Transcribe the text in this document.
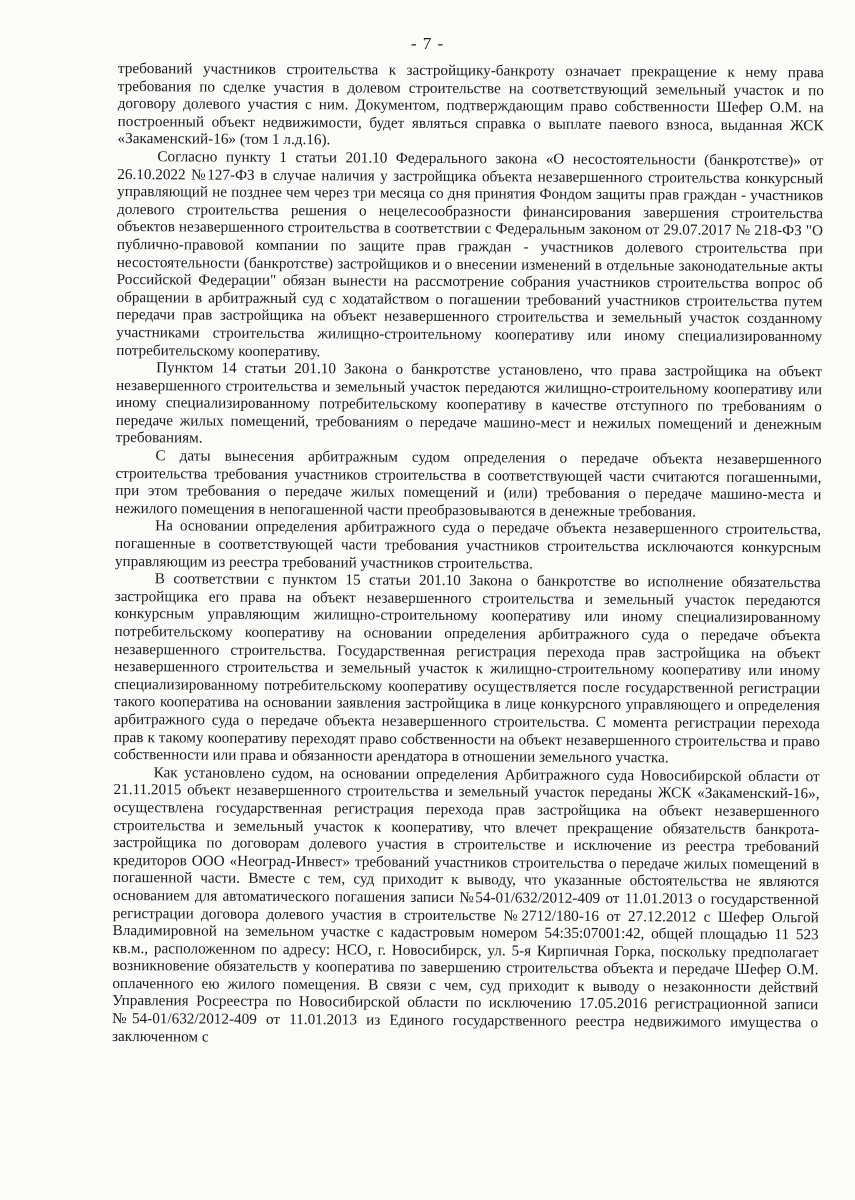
- 7 -

требований участников строительства к застройщику-банкроту означает прекращение к нему права требования по сделке участия в долевом строительстве на соответствующий земельный участок и по договору долевого участия с ним. Документом, подтверждающим право собственности Шефер О.М. на построенный объект недвижимости, будет являться справка о выплате паевого взноса, выданная ЖСК «Закаменский-16» (том 1 л.д.16).

Согласно пункту 1 статьи 201.10 Федерального закона «О несостоятельности (банкротстве)» от 26.10.2022 №127-ФЗ в случае наличия у застройщика объекта незавершенного строительства конкурсный управляющий не позднее чем через три месяца со дня принятия Фондом защиты прав граждан - участников долевого строительства решения о нецелесообразности финансирования завершения строительства объектов незавершенного строительства в соответствии с Федеральным законом от 29.07.2017 № 218-ФЗ "О публично-правовой компании по защите прав граждан - участников долевого строительства при несостоятельности (банкротстве) застройщиков и о внесении изменений в отдельные законодательные акты Российской Федерации" обязан вынести на рассмотрение собрания участников строительства вопрос об обращении в арбитражный суд с ходатайством о погашении требований участников строительства путем передачи прав застройщика на объект незавершенного строительства и земельный участок созданному участниками строительства жилищно-строительному кооперативу или иному специализированному потребительскому кооперативу.

Пунктом 14 статьи 201.10 Закона о банкротстве установлено, что права застройщика на объект незавершенного строительства и земельный участок передаются жилищно-строительному кооперативу или иному специализированному потребительскому кооперативу в качестве отступного по требованиям о передаче жилых помещений, требованиям о передаче машино-мест и нежилых помещений и денежным требованиям.

С даты вынесения арбитражным судом определения о передаче объекта незавершенного строительства требования участников строительства в соответствующей части считаются погашенными, при этом требования о передаче жилых помещений и (или) требования о передаче машино-места и нежилого помещения в непогашенной части преобразовываются в денежные требования.

На основании определения арбитражного суда о передаче объекта незавершенного строительства, погашенные в соответствующей части требования участников строительства исключаются конкурсным управляющим из реестра требований участников строительства.

В соответствии с пунктом 15 статьи 201.10 Закона о банкротстве во исполнение обязательства застройщика его права на объект незавершенного строительства и земельный участок передаются конкурсным управляющим жилищно-строительному кооперативу или иному специализированному потребительскому кооперативу на основании определения арбитражного суда о передаче объекта незавершенного строительства. Государственная регистрация перехода прав застройщика на объект незавершенного строительства и земельный участок к жилищно-строительному кооперативу или иному специализированному потребительскому кооперативу осуществляется после государственной регистрации такого кооператива на основании заявления застройщика в лице конкурсного управляющего и определения арбитражного суда о передаче объекта незавершенного строительства. С момента регистрации перехода прав к такому кооперативу переходят право собственности на объект незавершенного строительства и право собственности или права и обязанности арендатора в отношении земельного участка.

Как установлено судом, на основании определения Арбитражного суда Новосибирской области от 21.11.2015 объект незавершенного строительства и земельный участок переданы ЖСК «Закаменский-16», осуществлена государственная регистрация перехода прав застройщика на объект незавершенного строительства и земельный участок к кооперативу, что влечет прекращение обязательств банкрота-застройщика по договорам долевого участия в строительстве и исключение из реестра требований кредиторов ООО «Неоград-Инвест» требований участников строительства о передаче жилых помещений в погашенной части. Вместе с тем, суд приходит к выводу, что указанные обстоятельства не являются основанием для автоматического погашения записи №54-01/632/2012-409 от 11.01.2013 о государственной регистрации договора долевого участия в строительстве №2712/180-16 от 27.12.2012 с Шефер Ольгой Владимировной на земельном участке с кадастровым номером 54:35:07001:42, общей площадью 11 523 кв.м., расположенном по адресу: НСО, г. Новосибирск, ул. 5-я Кирпичная Горка, поскольку предполагает возникновение обязательств у кооператива по завершению строительства объекта и передаче Шефер О.М. оплаченного ею жилого помещения. В связи с чем, суд приходит к выводу о незаконности действий Управления Росреестра по Новосибирской области по исключению 17.05.2016 регистрационной записи №54-01/632/2012-409 от 11.01.2013 из Единого государственного реестра недвижимого имущества о заключенном с
